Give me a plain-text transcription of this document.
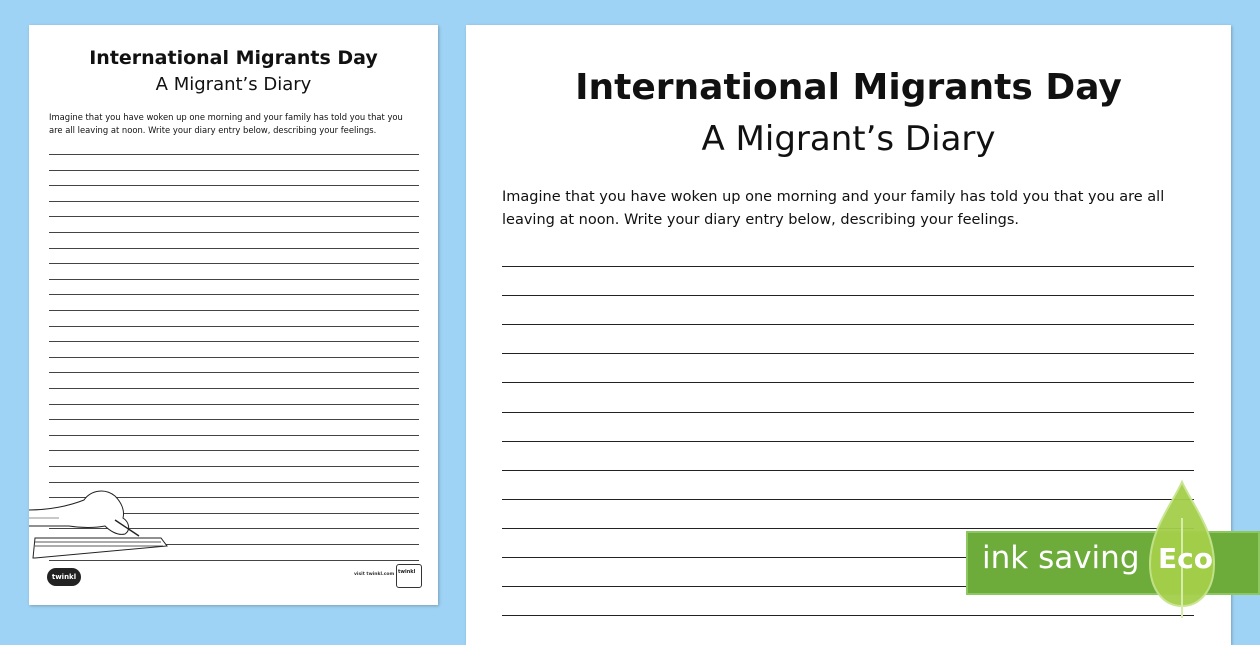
International Migrants Day
A Migrant’s Diary
Imagine that you have woken up one morning and your family has told you that you are all leaving at noon. Write your diary entry below, describing your feelings.
twinkl	visit twinkl.com twinkl
International Migrants Day
A Migrant’s Diary
Imagine that you have woken up one morning and your family has told you that you are all leaving at noon. Write your diary entry below, describing your feelings.
ink saving Eco
